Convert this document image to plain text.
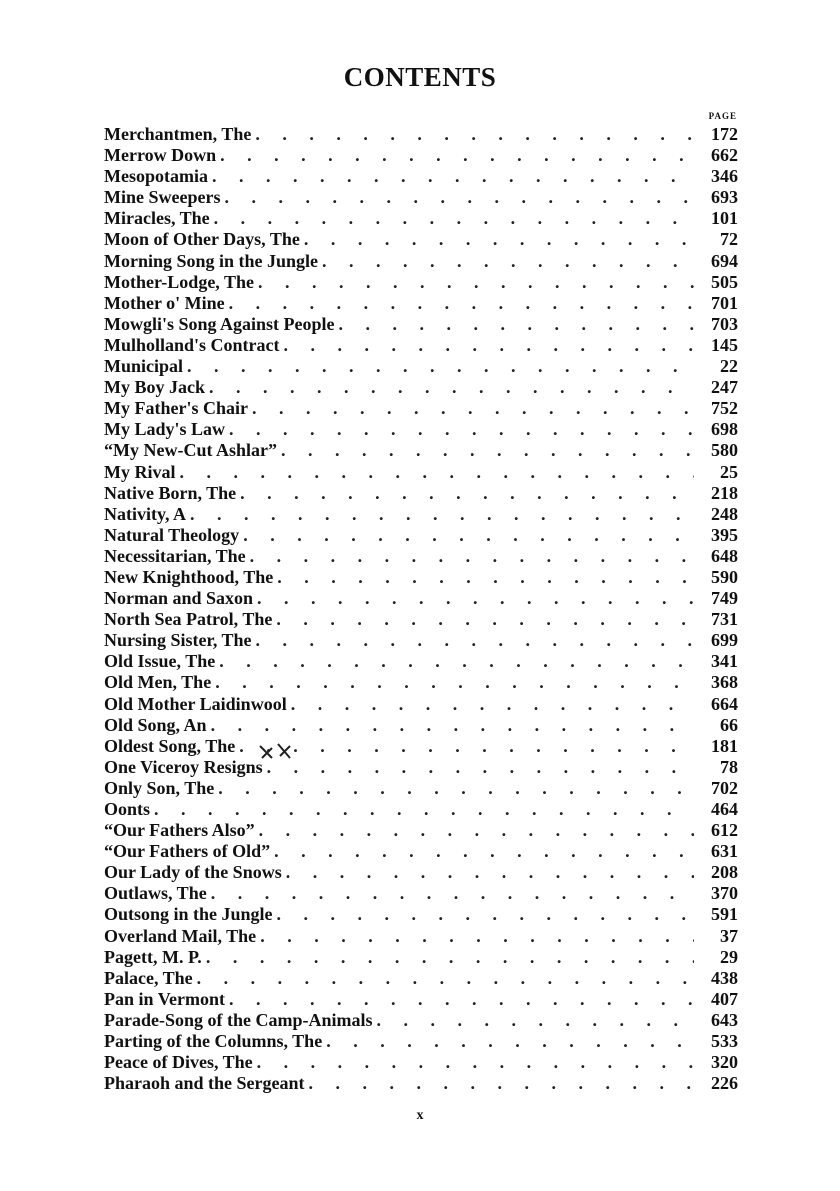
CONTENTS
PAGE
Merchantmen, The . . .	172
Merrow Down . . .	662
Mesopotamia . . .	346
Mine Sweepers . . .	693
Miracles, The . . .	101
Moon of Other Days, The . . .	72
Morning Song in the Jungle . . .	694
Mother-Lodge, The . . .	505
Mother o' Mine . . .	701
Mowgli's Song Against People . . .	703
Mulholland's Contract . . .	145
Municipal . . .	22
My Boy Jack . . .	247
My Father's Chair . . .	752
My Lady's Law . . .	698
“My New-Cut Ashlar” . . .	580
My Rival . . .	25
Native Born, The . . .	218
Nativity, A . . .	248
Natural Theology . . .	395
Necessitarian, The . . .	648
New Knighthood, The . . .	590
Norman and Saxon . . .	749
North Sea Patrol, The . . .	731
Nursing Sister, The . . .	699
Old Issue, The . . .	341
Old Men, The . . .	368
Old Mother Laidinwool . . .	664
Old Song, An . . .	66
Oldest Song, The . . .	181
One Viceroy Resigns . . .	78
Only Son, The . . .	702
Oonts . . .	464
“Our Fathers Also” . . .	612
“Our Fathers of Old” . . .	631
Our Lady of the Snows . . .	208
Outlaws, The . . .	370
Outsong in the Jungle . . .	591
Overland Mail, The . . .	37
Pagett, M. P. . . .	29
Palace, The . . .	438
Pan in Vermont . . .	407
Parade-Song of the Camp-Animals . . .	643
Parting of the Columns, The . . .	533
Peace of Dives, The . . .	320
Pharaoh and the Sergeant . . .	226
x
